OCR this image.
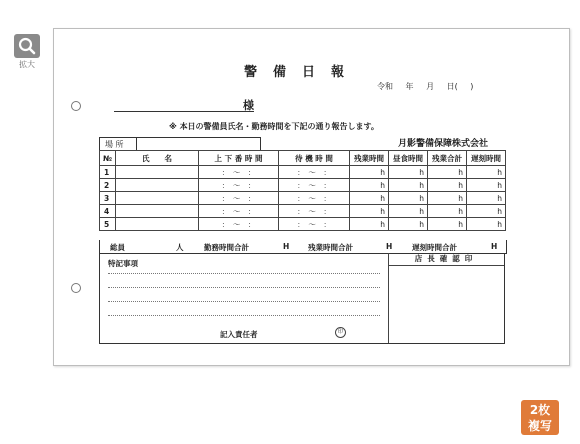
拡大
警備日報
令和 年 月 日( )
様
※ 本日の警備員氏名・勤務時間を下記の通り報告します。
月影警備保障株式会社
場 所
№	氏　　名	上 下 番 時 間	待 機 時 間	残業時間	昼食時間	残業合計	遅刻時間
1		：　～　：	：　～　：	h	h	h	h
2		：　～　：	：　～　：	h	h	h	h
3		：　～　：	：　～　：	h	h	h	h
4		：　～　：	：　～　：	h	h	h	h
5		：　～　：	：　～　：	h	h	h	h
総員	人	勤務時間合計	H 残業時間合計	H	遅刻時間合計	H
特記事項
記入責任者	印
店長確認印
2枚
複写
